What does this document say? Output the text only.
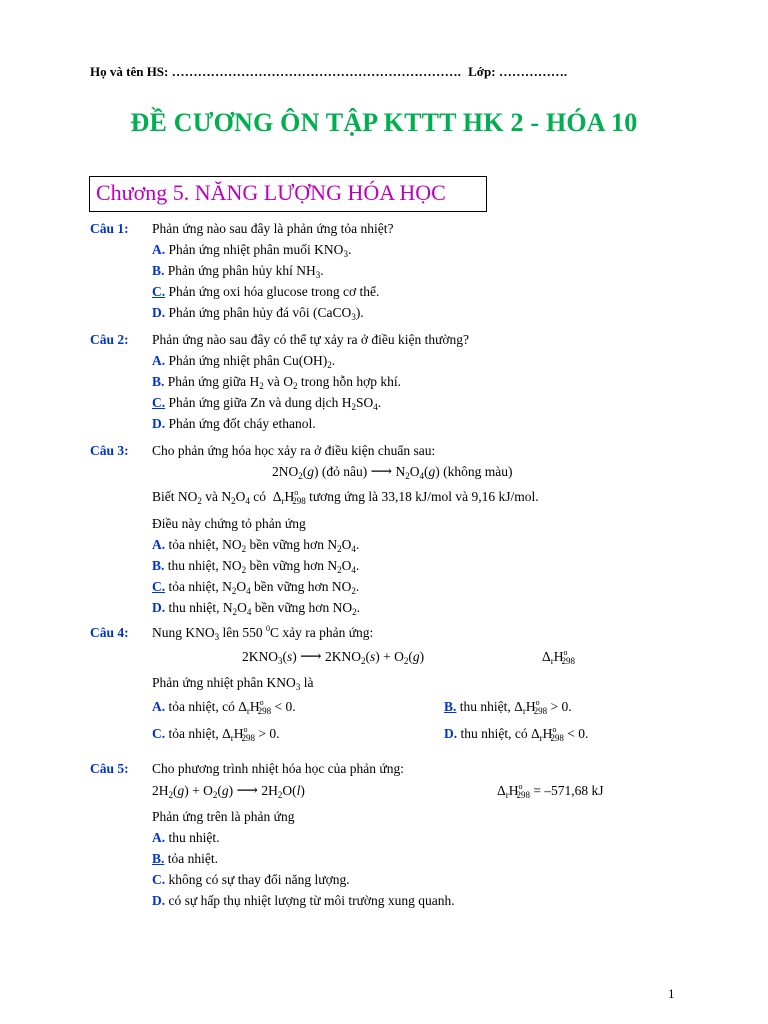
Họ và tên HS: …………………………………………………………. Lớp: …………….
ĐỀ CƯƠNG ÔN TẬP KTTT HK 2 - HÓA 10
Chương 5. NĂNG LƯỢNG HÓA HỌC
Câu 1: Phản ứng nào sau đây là phản ứng tỏa nhiệt?
A. Phản ứng nhiệt phân muối $KNO_3$.
B. Phản ứng phân hủy khí $NH_3$.
C. Phản ứng oxi hóa glucose trong cơ thể.
D. Phản ứng phân hủy đá vôi (CaCO$_3$).
Câu 2: Phản ứng nào sau đây có thể tự xảy ra ở điều kiện thường?
A. Phản ứng nhiệt phân $Cu(OH)_2$.
B. Phản ứng giữa $H_2$ và $O_2$ trong hỗn hợp khí.
C. Phản ứng giữa Zn và dung dịch $H_2SO_4$.
D. Phản ứng đốt cháy ethanol.
Câu 3: Cho phản ứng hóa học xảy ra ở điều kiện chuẩn sau:
$2NO_2(g)$ (đỏ nâu) ⟶ $N_2O_4(g)$ (không màu)
Biết $NO_2$ và $N_2O_4$ có  $\Delta_rH^o_{298}$ tương ứng là 33,18 kJ/mol và 9,16 kJ/mol.
Điều này chứng tỏ phản ứng
A. tỏa nhiệt, $NO_2$ bền vững hơn $N_2O_4$.
B. thu nhiệt, $NO_2$ bền vững hơn $N_2O_4$.
C. tỏa nhiệt, $N_2O_4$ bền vững hơn $NO_2$.
D. thu nhiệt, $N_2O_4$ bền vững hơn $NO_2$.
Câu 4: Nung $KNO_3$ lên 550 $^0$C xảy ra phản ứng:
$2KNO_3(s)$ ⟶ $2KNO_2(s) + O_2(g)$	$\Delta_rH^o_{298}$
Phản ứng nhiệt phân $KNO_3$ là
A. tỏa nhiệt, có $\Delta_rH^o_{298} < 0$.	B. thu nhiệt, $\Delta_rH^o_{298} > 0$.
C. tỏa nhiệt, $\Delta_rH^o_{298} > 0$.	D. thu nhiệt, có $\Delta_rH^o_{298} < 0$.
Câu 5: Cho phương trình nhiệt hóa học của phản ứng:
$2H_2(g) + O_2(g)$ ⟶ $2H_2O(l)$	$\Delta_rH^o_{298} = -571,68$ kJ
Phản ứng trên là phản ứng
A. thu nhiệt.
B. tỏa nhiệt.
C. không có sự thay đổi năng lượng.
D. có sự hấp thụ nhiệt lượng từ môi trường xung quanh.
1
